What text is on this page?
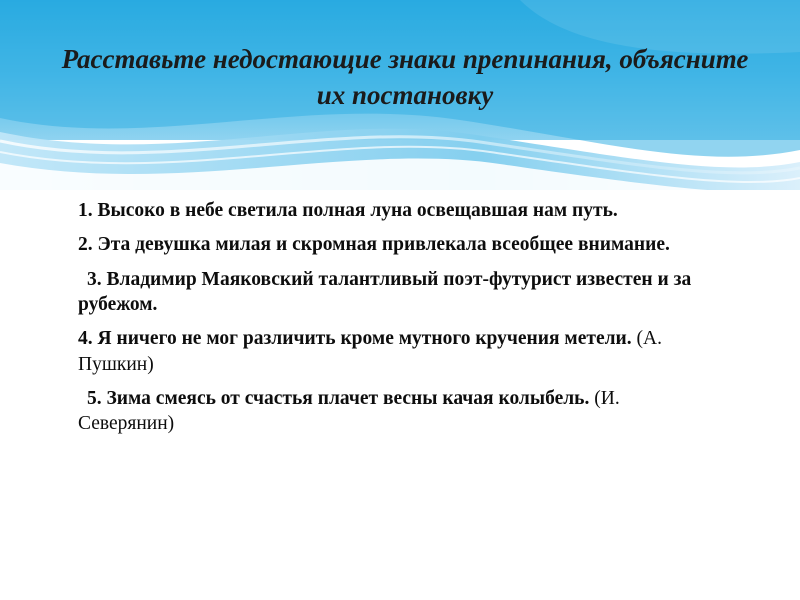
Расставьте недостающие знаки препинания, объясните их постановку

1. Высоко в небе светила полная луна освещавшая нам путь.

2. Эта девушка милая и скромная привлекала всеобщее внимание.

3. Владимир Маяковский талантливый поэт-футурист известен и за рубежом.

4. Я ничего не мог различить кроме мутного кручения метели. (А. Пушкин)

5. Зима смеясь от счастья плачет весны качая колыбель. (И. Северянин)
